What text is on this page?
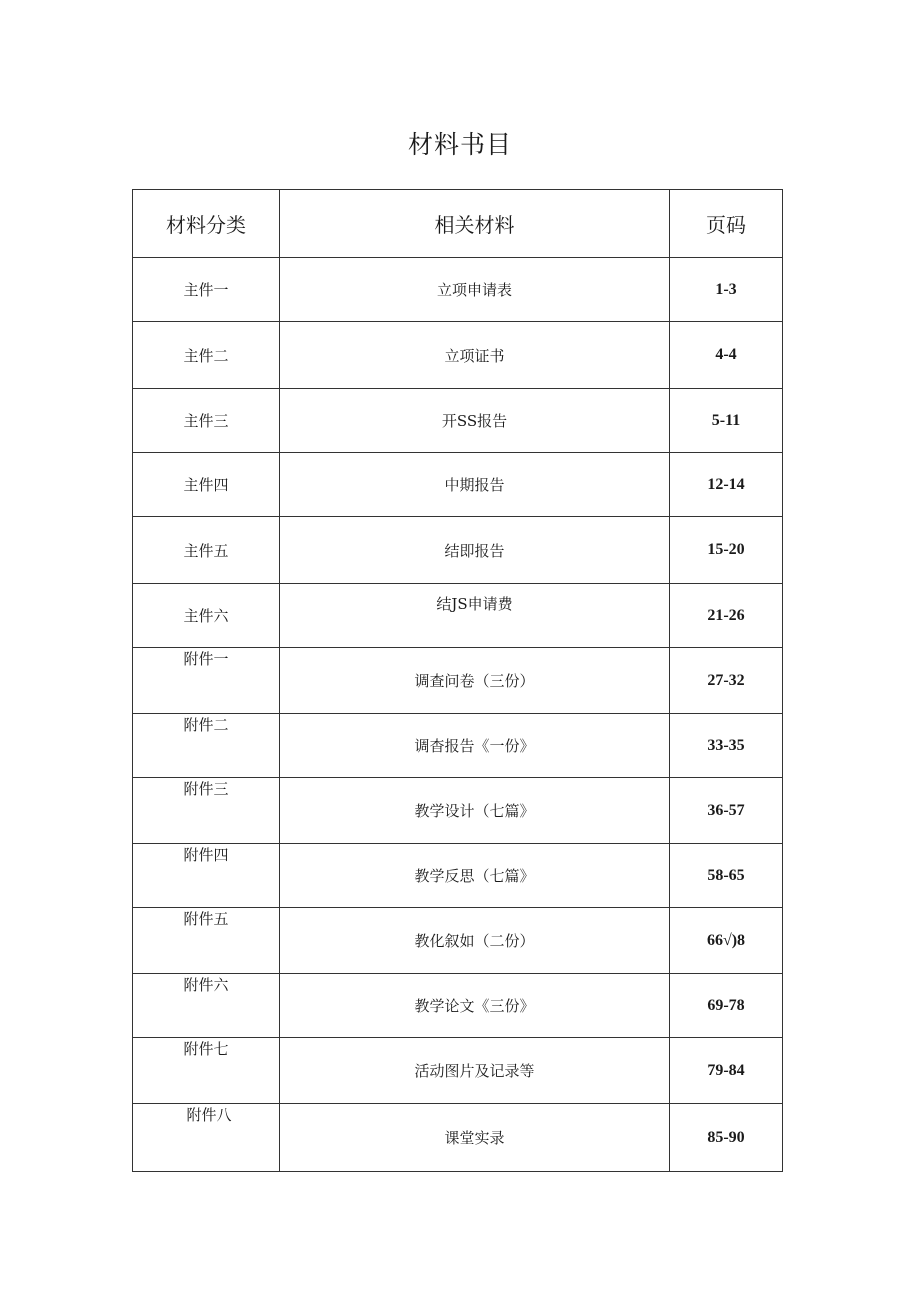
材料书目
材料分类	相关材料	页码
主件一	立项申请表	1-3
主件二	立项证书	4-4
主件三	开SS报告	5-11
主件四	中期报告	12-14
主件五	结即报告	15-20
主件六	结JS申请费	21-26
附件一	调查问卷（三份）	27-32
附件二	调杳报告《一份》	33-35
附件三	教学设计（七篇》	36-57
附件四	教学反思（七篇》	58-65
附件五	教化叙如（二份）	66√)8
附件六	教学论文《三份》	69-78
附件七	活动图片及记录等	79-84
附件八	课堂实录	85-90
